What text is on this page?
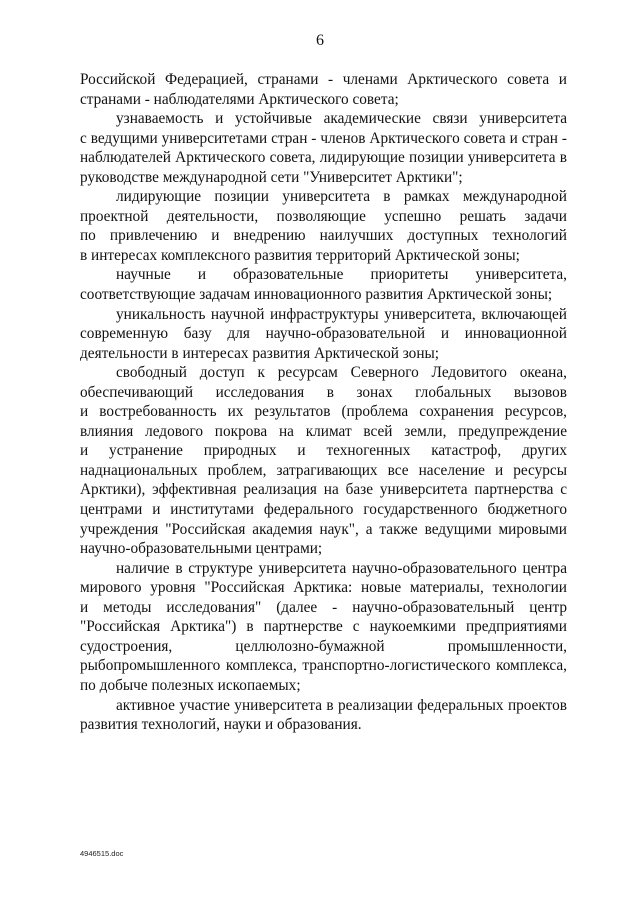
6

Российской Федерацией, странами - членами Арктического совета и
странами - наблюдателями Арктического совета;

узнаваемость и устойчивые академические связи университета
с ведущими университетами стран - членов Арктического совета и стран -
наблюдателей Арктического совета, лидирующие позиции университета в
руководстве международной сети "Университет Арктики";

лидирующие позиции университета в рамках международной
проектной деятельности, позволяющие успешно решать задачи
по привлечению и внедрению наилучших доступных технологий
в интересах комплексного развития территорий Арктической зоны;

научные и образовательные приоритеты университета,
соответствующие задачам инновационного развития Арктической зоны;

уникальность научной инфраструктуры университета, включающей
современную базу для научно-образовательной и инновационной
деятельности в интересах развития Арктической зоны;

свободный доступ к ресурсам Северного Ледовитого океана,
обеспечивающий исследования в зонах глобальных вызовов
и востребованность их результатов (проблема сохранения ресурсов,
влияния ледового покрова на климат всей земли, предупреждение
и устранение природных и техногенных катастроф, других
наднациональных проблем, затрагивающих все население и ресурсы
Арктики), эффективная реализация на базе университета партнерства с
центрами и институтами федерального государственного бюджетного
учреждения "Российская академия наук", а также ведущими мировыми
научно-образовательными центрами;

наличие в структуре университета научно-образовательного центра
мирового уровня "Российская Арктика: новые материалы, технологии
и методы исследования" (далее - научно-образовательный центр
"Российская Арктика") в партнерстве с наукоемкими предприятиями
судостроения, целлюлозно-бумажной промышленности,
рыбопромышленного комплекса, транспортно-логистического комплекса,
по добыче полезных ископаемых;

активное участие университета в реализации федеральных проектов
развития технологий, науки и образования.

4946515.doc
